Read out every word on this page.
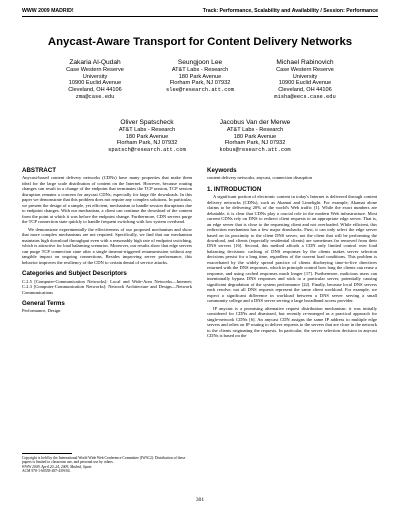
WWW 2009 MADRID!	Track: Performance, Scalability and Availability / Session: Performance
Anycast-Aware Transport for Content Delivery Networks
Zakaria Al-Qudah
Case Western Reserve
University
10900 Euclid Avenue
Cleveland, OH 44106
zma@case.edu
Seungjoon Lee
AT&T Labs - Research
180 Park Avenue
Florham Park, NJ 07932
slee@research.att.com
Michael Rabinovich
Case Western Reserve
University
10900 Euclid Avenue
Cleveland, OH 44106
misha@eecs.case.edu
Oliver Spatscheck
AT&T Labs - Research
180 Park Avenue
Florham Park, NJ 07932
spatsch@research.att.com
Jacobus Van der Merwe
AT&T Labs - Research
180 Park Avenue
Florham Park, NJ 07932
kobus@research.att.com
ABSTRACT

Anycast-based content delivery networks (CDNs) have many properties that make them ideal for the large scale distribution of content on the Internet. However, because routing changes can result in a change of the endpoint that terminates the TCP session, TCP session disruption remains a concern for anycast CDNs, especially for large file downloads. In this paper we demonstrate that this problem does not require any complex solutions. In particular, we present the design of a simple, yet efficient, mechanism to handle session disruptions due to endpoint changes. With our mechanism, a client can continue the download of the content from the point at which it was before the endpoint change. Furthermore, CDN servers purge the TCP connection state quickly to handle frequent switching with low system overhead.

We demonstrate experimentally the effectiveness of our proposed mechanism and show that more complex mechanisms are not required. Specifically, we find that our mechanism maintains high download throughput even with a reasonably high rate of endpoint switching, which is attractive for load balancing scenarios. Moreover, our results show that edge servers can purge TCP connection state after a single timeout-triggered retransmission without any tangible impact on ongoing connections. Besides improving server performance, this behavior improves the resiliency of the CDN to certain denial of service attacks.

Categories and Subject Descriptors

C.2.5 [Computer-Communication Networks]: Local and Wide-Area Networks—Internet; C.2.3 [Computer-Communication Networks]: Network Architecture and Design—Network Communications

General Terms

Performance, Design

Copyright is held by the International World Wide Web Conference Committee (IW3C2). Distribution of these papers is limited to classroom use, and personal use by others.
WWW 2009, April 20–24, 2009, Madrid, Spain.
ACM 978-1-60558-487-4/09/04.
Keywords

content delivery networks, anycast, connection disruption

1. INTRODUCTION

A significant portion of electronic content in today's Internet is delivered through content delivery networks (CDNs), such as Akamai and Limelight. For example, Akamai alone claims to be delivering 20% of the world's Web traffic [1]. While the exact numbers are debatable, it is clear that CDNs play a crucial role in the modern Web infrastructure. Most current CDNs rely on DNS to redirect client requests to an appropriate edge server. That is, an edge server that is close to the requesting client and not overloaded. While efficient, this redirection mechanism has a few major drawbacks. First, it can only select the edge server based on its proximity to the client DNS server, not the client that will be performing the download, and clients (especially residential clients) are sometimes far removed from their DNS servers [16]. Second, this method affords a CDN only limited control over load balancing decisions: caching of DNS responses by the clients makes server selection decisions persist for a long time, regardless of the current load conditions. This problem is exacerbated by the widely spread practice of clients disobeying time-to-live directives returned with the DNS responses, which in principle control how long the clients can reuse a response, and using cached responses much longer [17]. Furthermore, malicious users can intentionally bypass DNS responses and stick to a particular server, potentially causing significant degradation of the system performance [22]. Finally, because local DNS servers each resolve, not all DNS requests represent the same client workload. For example, we expect a significant difference in workload between a DNS server serving a small community college and a DNS server serving a large broadband access provider.

IP anycast is a promising alternative request distribution mechanism: it was initially considered for CDNs and dismissed, but recently re-emerged as a practical approach for single-network CDNs [6]. An anycast CDN assigns the same IP address to multiple edge servers and relies on IP routing to deliver requests to the servers that are close in the network to the clients originating the requests. In particular, the server selection decision in anycast CDNs is based on the

301
